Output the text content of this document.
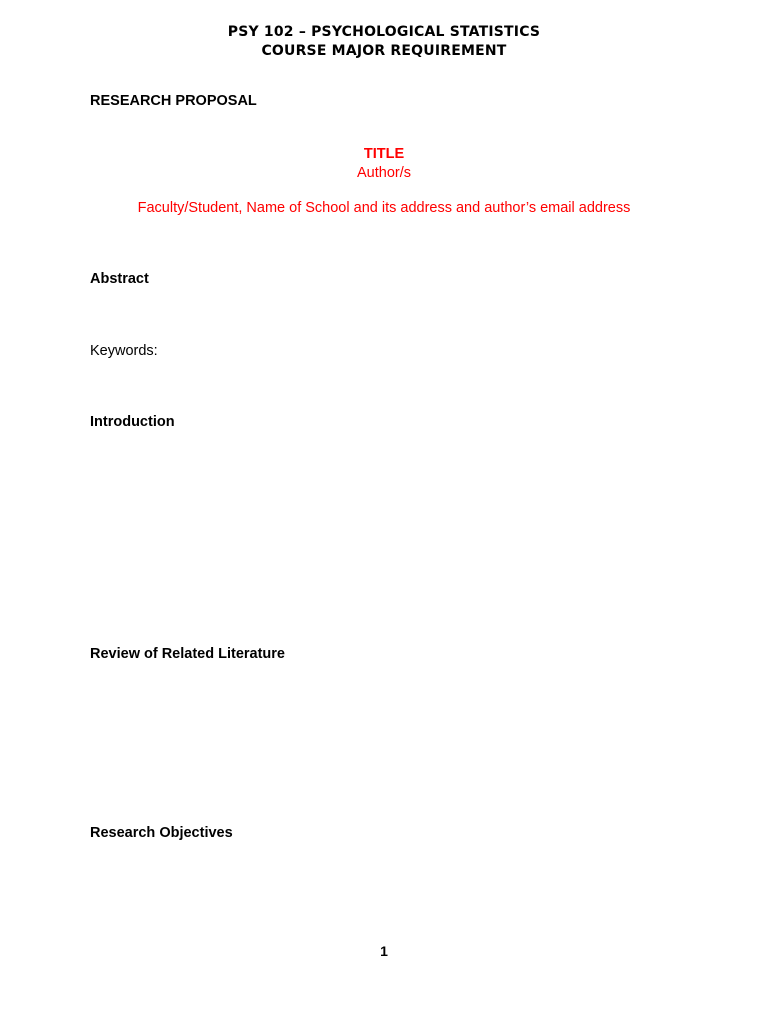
PSY 102 – PSYCHOLOGICAL STATISTICS
COURSE MAJOR REQUIREMENT
RESEARCH PROPOSAL
TITLE
Author/s
Faculty/Student, Name of School and its address and author’s email address
Abstract
Keywords:
Introduction
Review of Related Literature
Research Objectives
1
